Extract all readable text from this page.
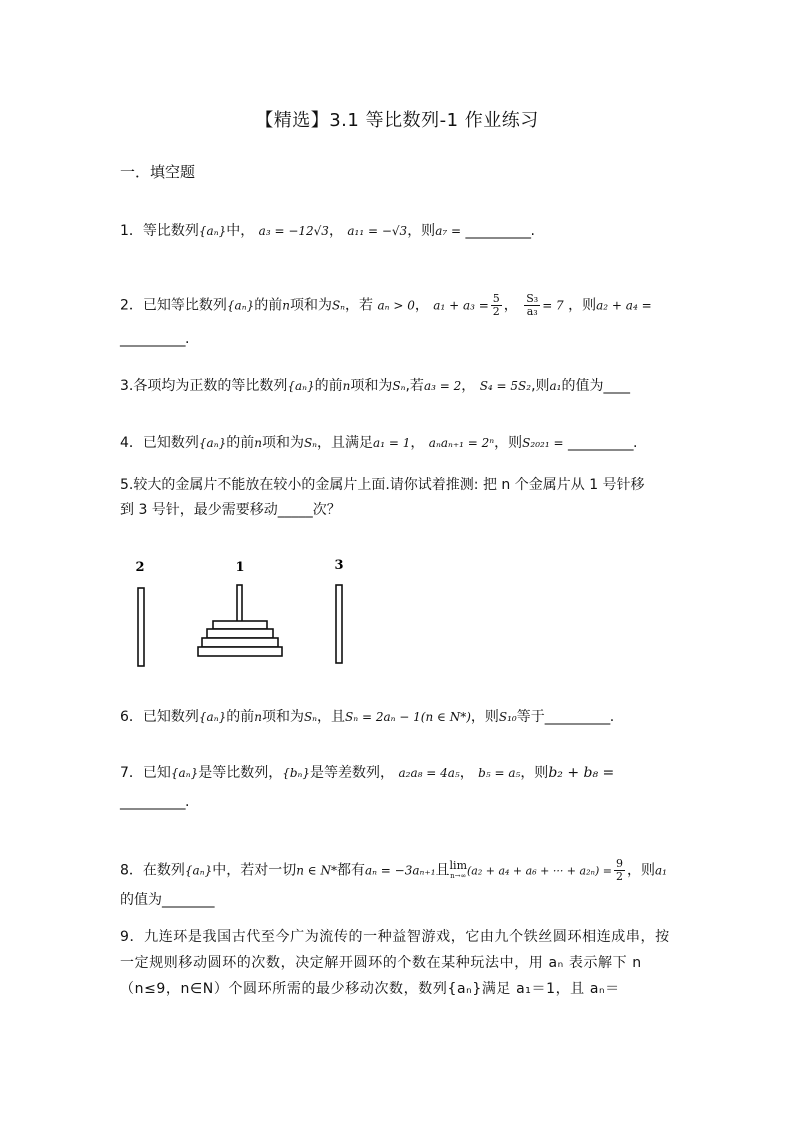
【精选】3.1 等比数列-1 作业练习
一．填空题
1．等比数列{aₙ}中， a₃ = −12√3， a₁₁ = −√3，则a₇ = __________.
2．已知等比数列{aₙ}的前n项和为Sₙ，若 aₙ > 0， $a_1 + a_3 = \frac{5}{2}$ ， $\frac{\text{S₃}}{\text{a₃}} = 7$ ，则a₂ + a₄ =
__________.
3.各项均为正数的等比数列{aₙ}的前n项和为Sₙ,若a₃ = 2， S₄ = 5S₂,则a₁的值为____
4．已知数列{aₙ}的前n项和为Sₙ，且满足a₁ = 1， aₙaₙ₊₁ = 2ⁿ，则S₂₀₂₁ = __________.
5.较大的金属片不能放在较小的金属片上面.请你试着推测: 把 n 个金属片从 1 号针移
到 3 号针，最少需要移动_____次？
2	1	3
6．已知数列{aₙ}的前n项和为Sₙ，且Sₙ = 2aₙ − 1(n ∈ N*)，则S₁₀等于__________.
7．已知{aₙ}是等比数列，{bₙ}是等差数列， a₂a₈ = 4a₅， b₅ = a₅，则b₂ + b₈ =
__________.
8．在数列{aₙ}中，若对一切n ∈ N*都有aₙ = −3aₙ₊₁且 lim
n→∞ (a₂ + a₄ + a₆ + ··· + $a_{2n}) = \frac{9}{2}$ ，则a₁
的值为________
9．九连环是我国古代至今广为流传的一种益智游戏，它由九个铁丝圆环相连成串，按一定规则移动圆环的次数，决定解开圆环的个数在某种玩法中，用 aₙ 表示解下 n（n≤9，n∈N）个圆环所需的最少移动次数，数列{aₙ}满足 a₁＝1，且 aₙ＝
